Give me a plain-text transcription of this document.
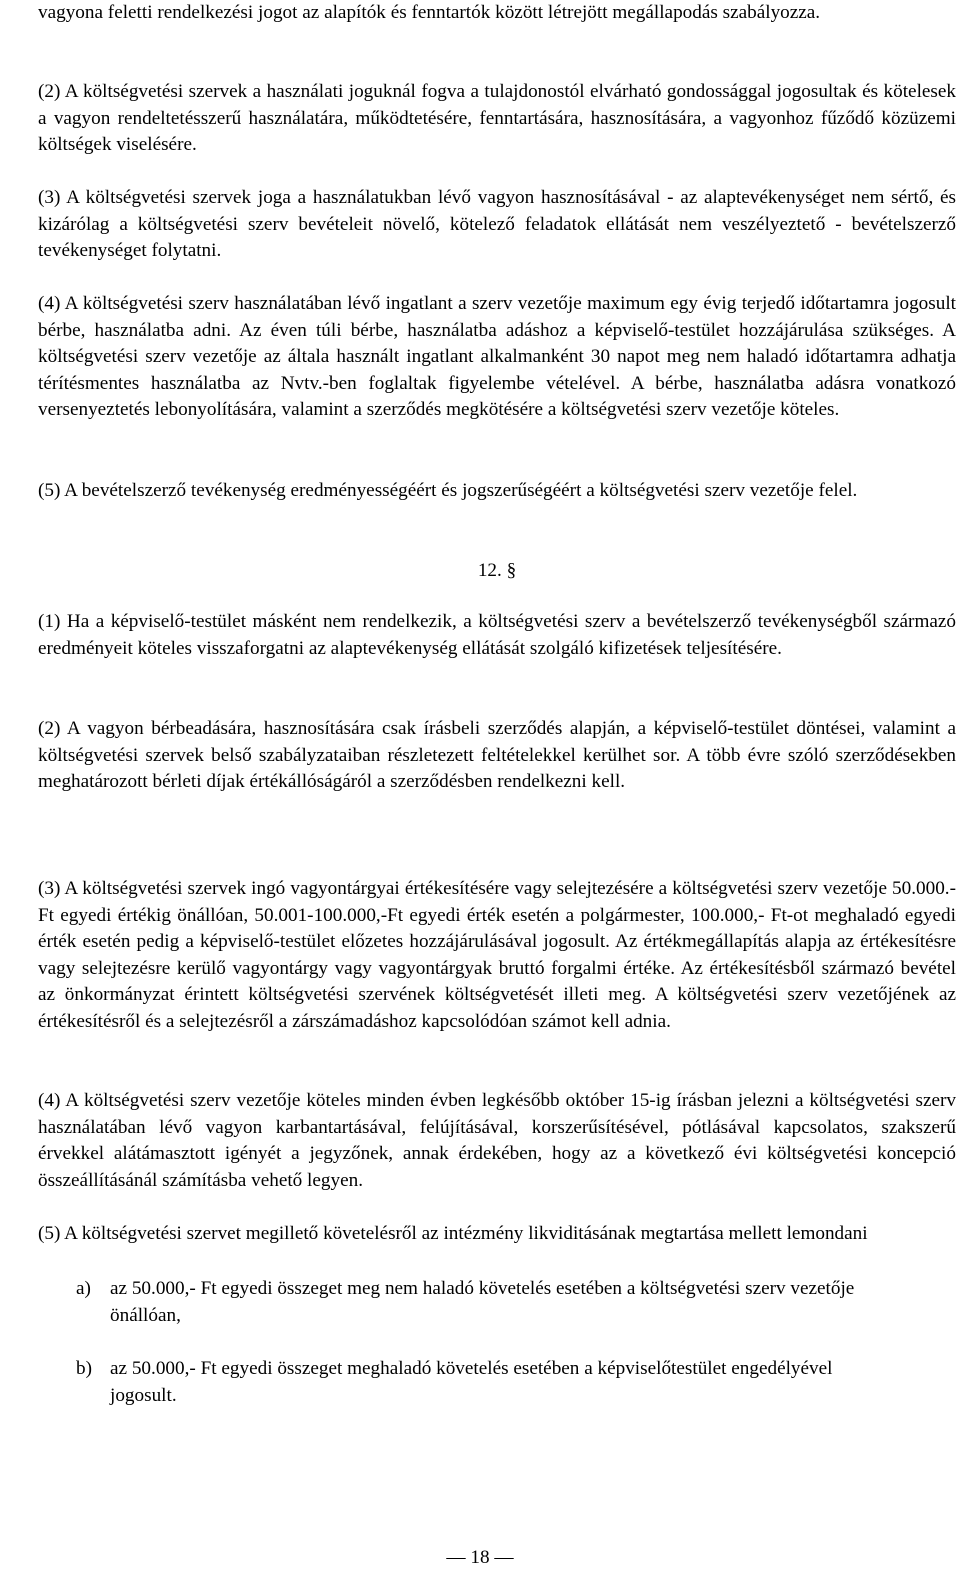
vagyona feletti rendelkezési jogot az alapítók és fenntartók között létrejött megállapodás szabályozza.

(2) A költségvetési szervek a használati joguknál fogva a tulajdonostól elvárható gondossággal jogosultak és kötelesek a vagyon rendeltetésszerű használatára, működtetésére, fenntartására, hasznosítására, a vagyonhoz fűződő közüzemi költségek viselésére.

(3) A költségvetési szervek joga a használatukban lévő vagyon hasznosításával - az alaptevékenységet nem sértő, és kizárólag a költségvetési szerv bevételeit növelő, kötelező feladatok ellátását nem veszélyeztető - bevételszerző tevékenységet folytatni.

(4) A költségvetési szerv használatában lévő ingatlant a szerv vezetője maximum egy évig terjedő időtartamra jogosult bérbe, használatba adni. Az éven túli bérbe, használatba adáshoz a képviselő-testület hozzájárulása szükséges. A költségvetési szerv vezetője az általa használt ingatlant alkalmanként 30 napot meg nem haladó időtartamra adhatja térítésmentes használatba az Nvtv.-ben foglaltak figyelembe vételével. A bérbe, használatba adásra vonatkozó versenyeztetés lebonyolítására, valamint a szerződés megkötésére a költségvetési szerv vezetője köteles.

(5) A bevételszerző tevékenység eredményességéért és jogszerűségéért a költségvetési szerv vezetője felel.

12. §

(1) Ha a képviselő-testület másként nem rendelkezik, a költségvetési szerv a bevételszerző tevékenységből származó eredményeit köteles visszaforgatni az alaptevékenység ellátását szolgáló kifizetések teljesítésére.

(2) A vagyon bérbeadására, hasznosítására csak írásbeli szerződés alapján, a képviselő-testület döntései, valamint a költségvetési szervek belső szabályzataiban részletezett feltételekkel kerülhet sor. A több évre szóló szerződésekben meghatározott bérleti díjak értékállóságáról a szerződésben rendelkezni kell.

(3) A költségvetési szervek ingó vagyontárgyai értékesítésére vagy selejtezésére a költségvetési szerv vezetője 50.000.- Ft egyedi értékig önállóan, 50.001-100.000,-Ft egyedi érték esetén a polgármester, 100.000,- Ft-ot meghaladó egyedi érték esetén pedig a képviselő-testület előzetes hozzájárulásával jogosult. Az értékmegállapítás alapja az értékesítésre vagy selejtezésre kerülő vagyontárgy vagy vagyontárgyak bruttó forgalmi értéke. Az értékesítésből származó bevétel az önkormányzat érintett költségvetési szervének költségvetését illeti meg. A költségvetési szerv vezetőjének az értékesítésről és a selejtezésről a zárszámadáshoz kapcsolódóan számot kell adnia.

(4) A költségvetési szerv vezetője köteles minden évben legkésőbb október 15-ig írásban jelezni a költségvetési szerv használatában lévő vagyon karbantartásával, felújításával, korszerűsítésével, pótlásával kapcsolatos, szakszerű érvekkel alátámasztott igényét a jegyzőnek, annak érdekében, hogy az a következő évi költségvetési koncepció összeállításánál számításba vehető legyen.

(5) A költségvetési szervet megillető követelésről az intézmény likviditásának megtartása mellett lemondani

a) az 50.000,- Ft egyedi összeget meg nem haladó követelés esetében a költségvetési szerv vezetője önállóan,
b) az 50.000,- Ft egyedi összeget meghaladó követelés esetében a képviselőtestület engedélyével jogosult.
— 18 —
